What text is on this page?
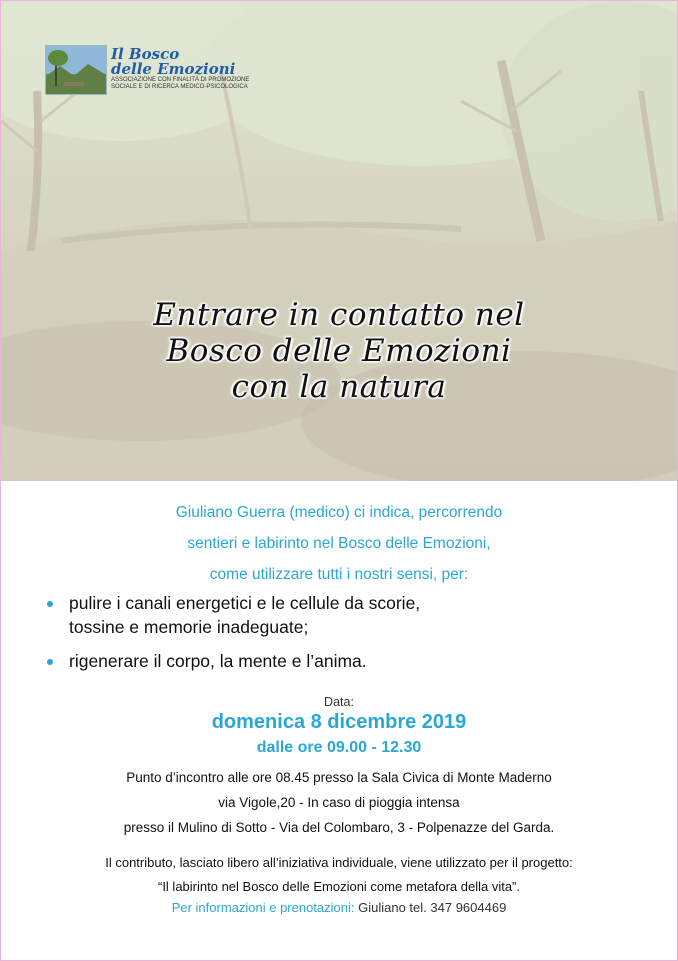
Il Bosco
delle Emozioni
ASSOCIAZIONE CON FINALITÀ DI PROMOZIONE
SOCIALE E DI RICERCA MEDICO-PSICOLOGICA
Entrare in contatto nel
Bosco delle Emozioni
con la natura
Giuliano Guerra (medico) ci indica, percorrendo
sentieri e labirinto nel Bosco delle Emozioni,
come utilizzare tutti i nostri sensi, per:
pulire i canali energetici e le cellule da scorie,
tossine e memorie inadeguate;
rigenerare il corpo, la mente e l’anima.
Data:
domenica 8 dicembre 2019
dalle ore 09.00 - 12.30
Punto d’incontro alle ore 08.45 presso la Sala Civica di Monte Maderno
via Vigole,20 - In caso di pioggia intensa
presso il Mulino di Sotto - Via del Colombaro, 3 - Polpenazze del Garda.
Il contributo, lasciato libero all’iniziativa individuale, viene utilizzato per il progetto:
“Il labirinto nel Bosco delle Emozioni come metafora della vita”.
Per informazioni e prenotazioni: Giuliano tel. 347 9604469
